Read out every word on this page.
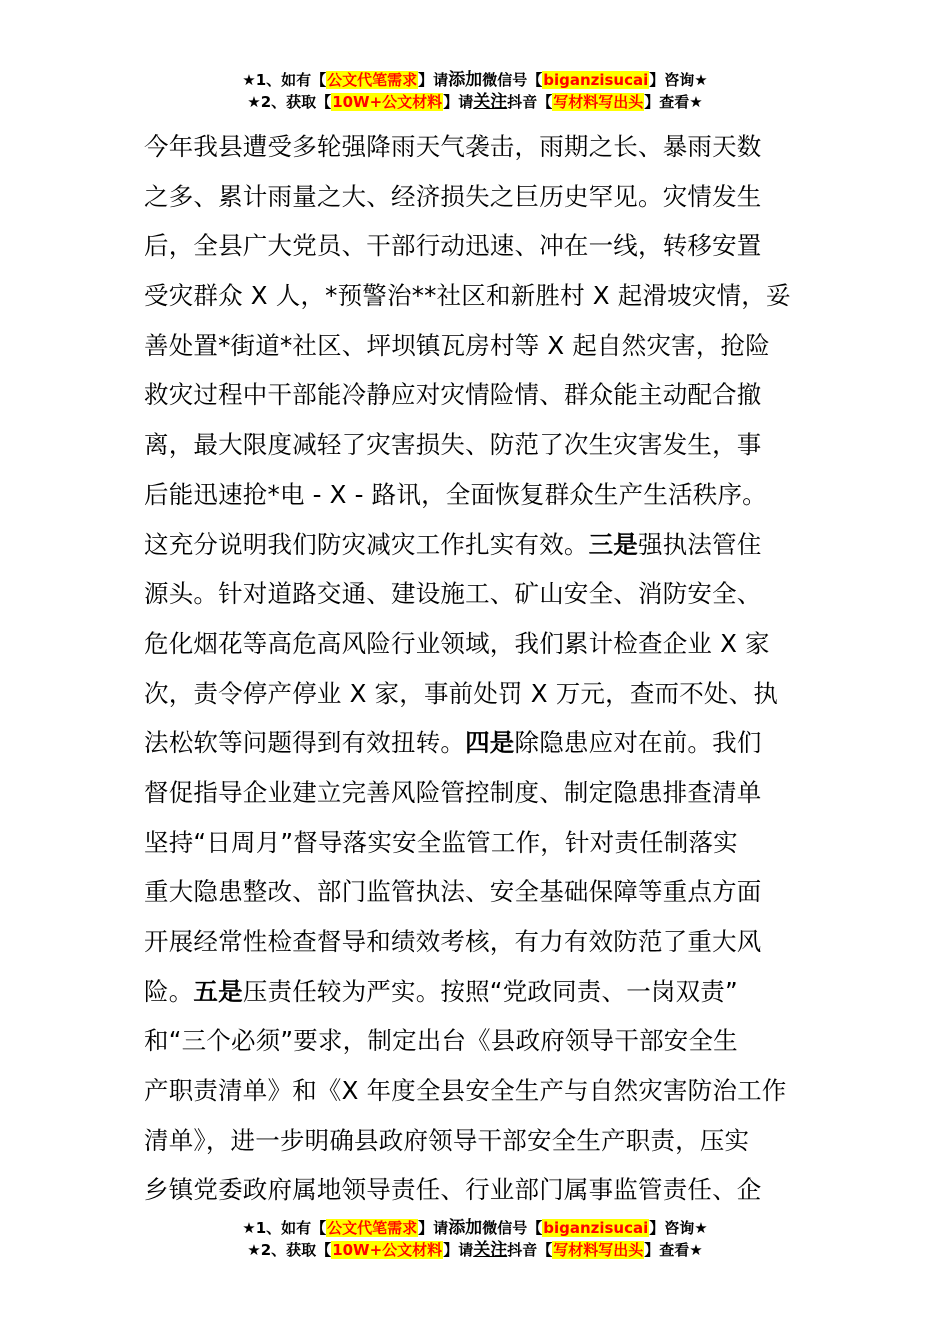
★1、如有【公文代笔需求】请添加微信号【biganzisucai】咨询★
★2、获取【10W+公文材料】请关注抖音【写材料写出头】查看★
今年我县遭受多轮强降雨天气袭击，雨期之长、暴雨天数
之多、累计雨量之大、经济损失之巨历史罕见。灾情发生
后，全县广大党员、干部行动迅速、冲在一线，转移安置
受灾群众 X 人，*预警治**社区和新胜村 X 起滑坡灾情，妥
善处置*街道*社区、坪坝镇瓦房村等 X 起自然灾害，抢险
救灾过程中干部能冷静应对灾情险情、群众能主动配合撤
离，最大限度减轻了灾害损失、防范了次生灾害发生，事
后能迅速抢*电 - X - 路讯，全面恢复群众生产生活秩序。
这充分说明我们防灾减灾工作扎实有效。三是强执法管住
源头。针对道路交通、建设施工、矿山安全、消防安全、
危化烟花等高危高风险行业领域，我们累计检查企业 X 家
次，责令停产停业 X 家，事前处罚 X 万元，查而不处、执
法松软等问题得到有效扭转。四是除隐患应对在前。我们
督促指导企业建立完善风险管控制度、制定隐患排查清单
坚持“日周月”督导落实安全监管工作，针对责任制落实
重大隐患整改、部门监管执法、安全基础保障等重点方面
开展经常性检查督导和绩效考核，有力有效防范了重大风
险。五是压责任较为严实。按照“党政同责、一岗双责”
和“三个必须”要求，制定出台《县政府领导干部安全生
产职责清单》和《X 年度全县安全生产与自然灾害防治工作
清单》，进一步明确县政府领导干部安全生产职责，压实
乡镇党委政府属地领导责任、行业部门属事监管责任、企
★1、如有【公文代笔需求】请添加微信号【biganzisucai】咨询★
★2、获取【10W+公文材料】请关注抖音【写材料写出头】查看★
